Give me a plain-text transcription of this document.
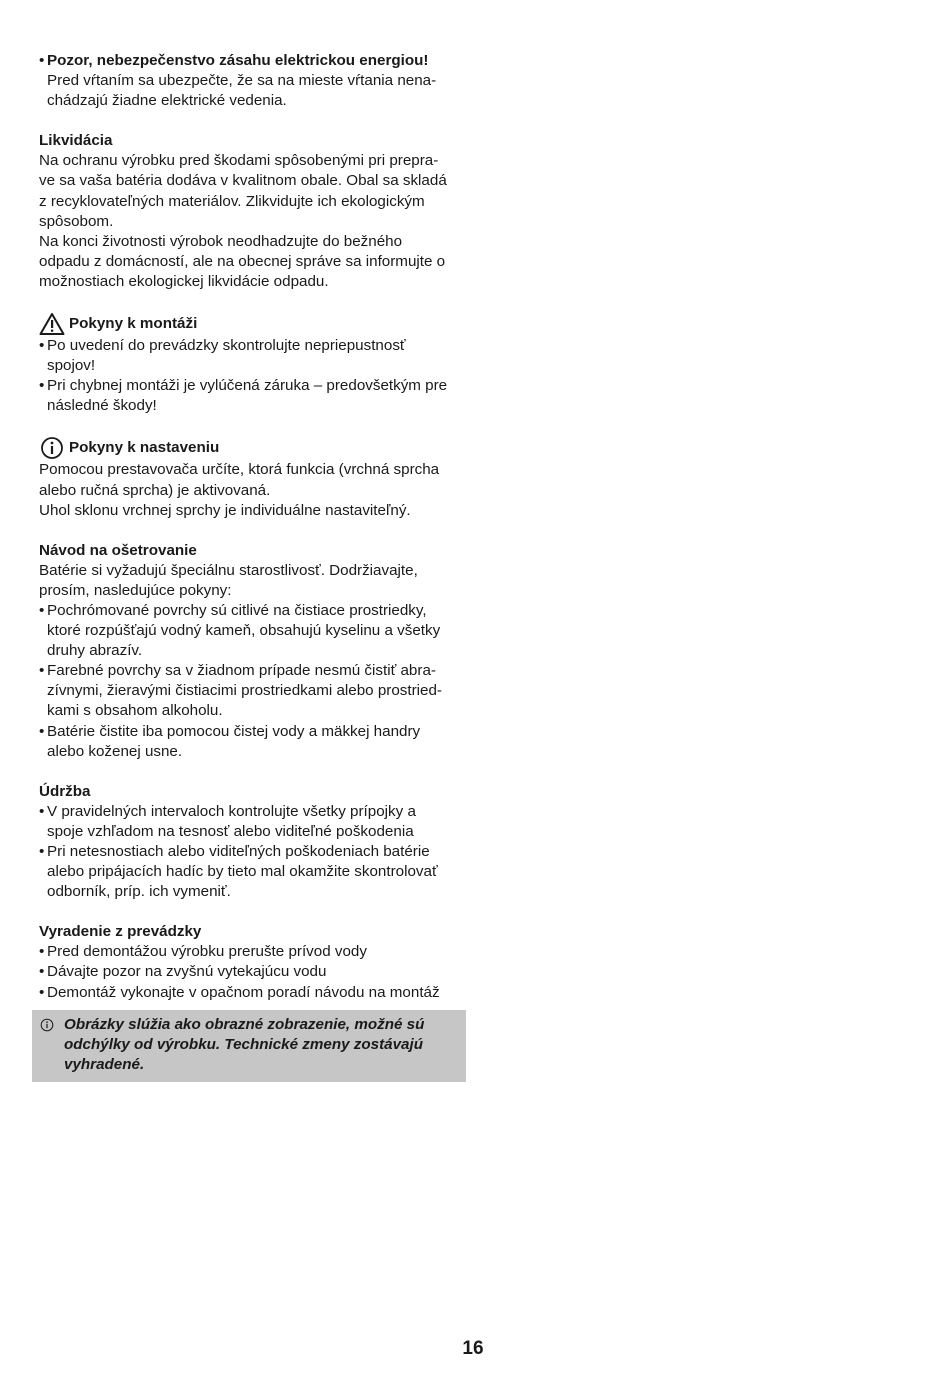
• Pozor, nebezpečenstvo zásahu elektrickou energiou!

Pred vŕtaním sa ubezpečte, že sa na mieste vŕtania nena-

chádzajú žiadne elektrické vedenia.

Likvidácia

Na ochranu výrobku pred škodami spôsobenými pri prepra-

ve sa vaša batéria dodáva v kvalitnom obale. Obal sa skladá

z recyklovateľných materiálov. Zlikvidujte ich ekologickým

spôsobom.

Na konci životnosti výrobok neodhadzujte do bežného

odpadu z domácností, ale na obecnej správe sa informujte o

možnostiach ekologickej likvidácie odpadu.

Pokyny k montáži
• Po uvedení do prevádzky skontrolujte nepriepustnosť

spojov!

• Pri chybnej montáži je vylúčená záruka – predovšetkým pre

následné škody!

Pokyny k nastaveniu

Pomocou prestavovača určíte, ktorá funkcia (vrchná sprcha

alebo ručná sprcha) je aktivovaná.

Uhol sklonu vrchnej sprchy je individuálne nastaviteľný.

Návod na ošetrovanie

Batérie si vyžadujú špeciálnu starostlivosť. Dodržiavajte,

prosím, nasledujúce pokyny:

• Pochrómované povrchy sú citlivé na čistiace prostriedky,

ktoré rozpúšťajú vodný kameň, obsahujú kyselinu a všetky

druhy abrazív.

• Farebné povrchy sa v žiadnom prípade nesmú čistiť abra-

zívnymi, žieravými čistiacimi prostriedkami alebo prostried-

kami s obsahom alkoholu.

• Batérie čistite iba pomocou čistej vody a mäkkej handry

alebo koženej usne.

Údržba

• V pravidelných intervaloch kontrolujte všetky prípojky a

spoje vzhľadom na tesnosť alebo viditeľné poškodenia

• Pri netesnostiach alebo viditeľných poškodeniach batérie

alebo pripájacích hadíc by tieto mal okamžite skontrolovať

odborník, príp. ich vymeniť.

Vyradenie z prevádzky

• Pred demontážou výrobku prerušte prívod vody

• Dávajte pozor na zvyšnú vytekajúcu vodu

• Demontáž vykonajte v opačnom poradí návodu na montáž

Obrázky slúžia ako obrazné zobrazenie, možné sú

odchýlky od výrobku. Technické zmeny zostávajú

vyhradené.

16
